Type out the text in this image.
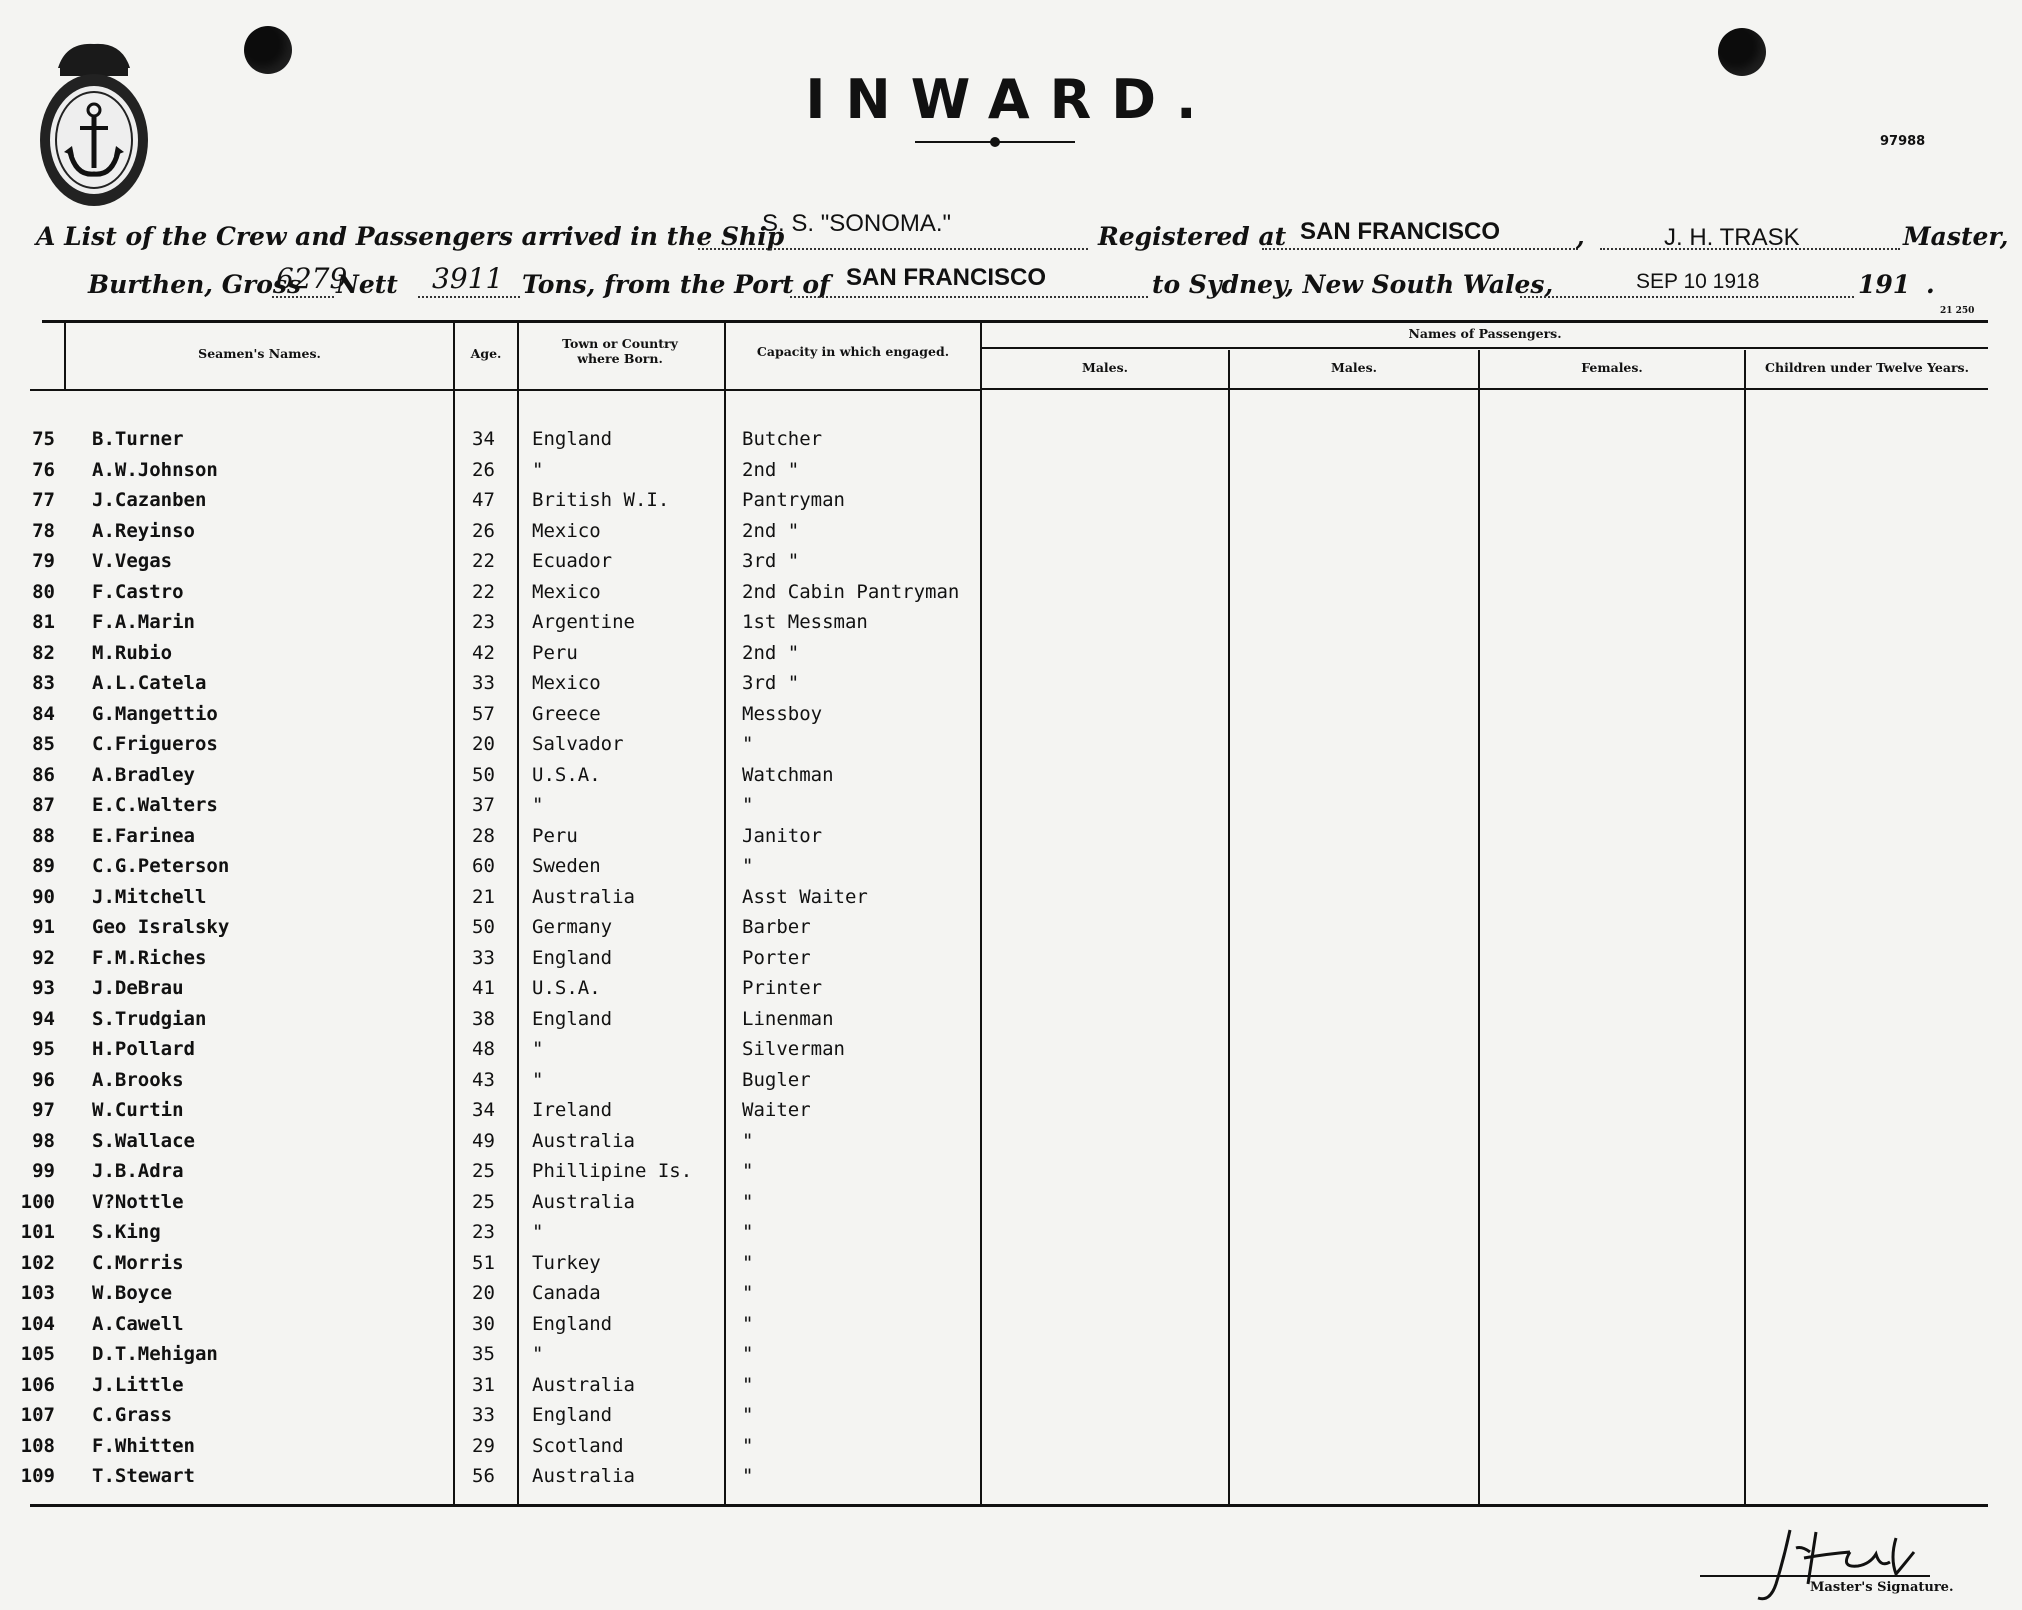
INWARD.
97988
A List of the Crew and Passengers arrived in the Ship
S. S. "SONOMA."	Registered at SAN FRANCISCO	,	J. H. TRASK	Master,
Burthen, Gross
6279
Nett 3911 Tons, from the Port of SAN FRANCISCO	to Sydney, New South Wales,	SEP 10 1918	191 .
21 250
Seamen's Names.	Age.
Town or Country where Born.	Capacity in which engaged.
Names of Passengers.
Males.	Males.	Females.	Children under Twelve Years.
75 B.Turner	34 England	Butcher
76 A.W.Johnson	26 "	2nd "
77 J.Cazanben	47 British W.I.	Pantryman
78 A.Reyinso	26 Mexico	2nd "
79 V.Vegas	22 Ecuador	3rd "
80 F.Castro	22 Mexico	2nd Cabin Pantryman
81 F.A.Marin	23 Argentine	1st Messman
82 M.Rubio	42 Peru	2nd "
83 A.L.Catela	33 Mexico	3rd "
84 G.Mangettio	57 Greece	Messboy
85 C.Frigueros	20 Salvador	"
86 A.Bradley	50 U.S.A.	Watchman
87 E.C.Walters	37 "	"
88 E.Farinea	28 Peru	Janitor
89 C.G.Peterson	60 Sweden	"
90 J.Mitchell	21 Australia	Asst Waiter
91 Geo Isralsky	50 Germany	Barber
92 F.M.Riches	33 England	Porter
93 J.DeBrau	41 U.S.A.	Printer
94 S.Trudgian	38 England	Linenman
95 H.Pollard	48 "	Silverman
96 A.Brooks	43 "	Bugler
97 W.Curtin	34 Ireland	Waiter
98 S.Wallace	49 Australia	"
99 J.B.Adra	25 Phillipine Is.	"
100 V?Nottle	25 Australia	"
101 S.King	23 "	"
102 C.Morris	51 Turkey	"
103 W.Boyce	20 Canada	"
104 A.Cawell	30 England	"
105 D.T.Mehigan	35 "	"
106 J.Little	31 Australia	"
107 C.Grass	33 England	"
108 F.Whitten	29 Scotland	"
109 T.Stewart	56 Australia	"
Master's Signature.
